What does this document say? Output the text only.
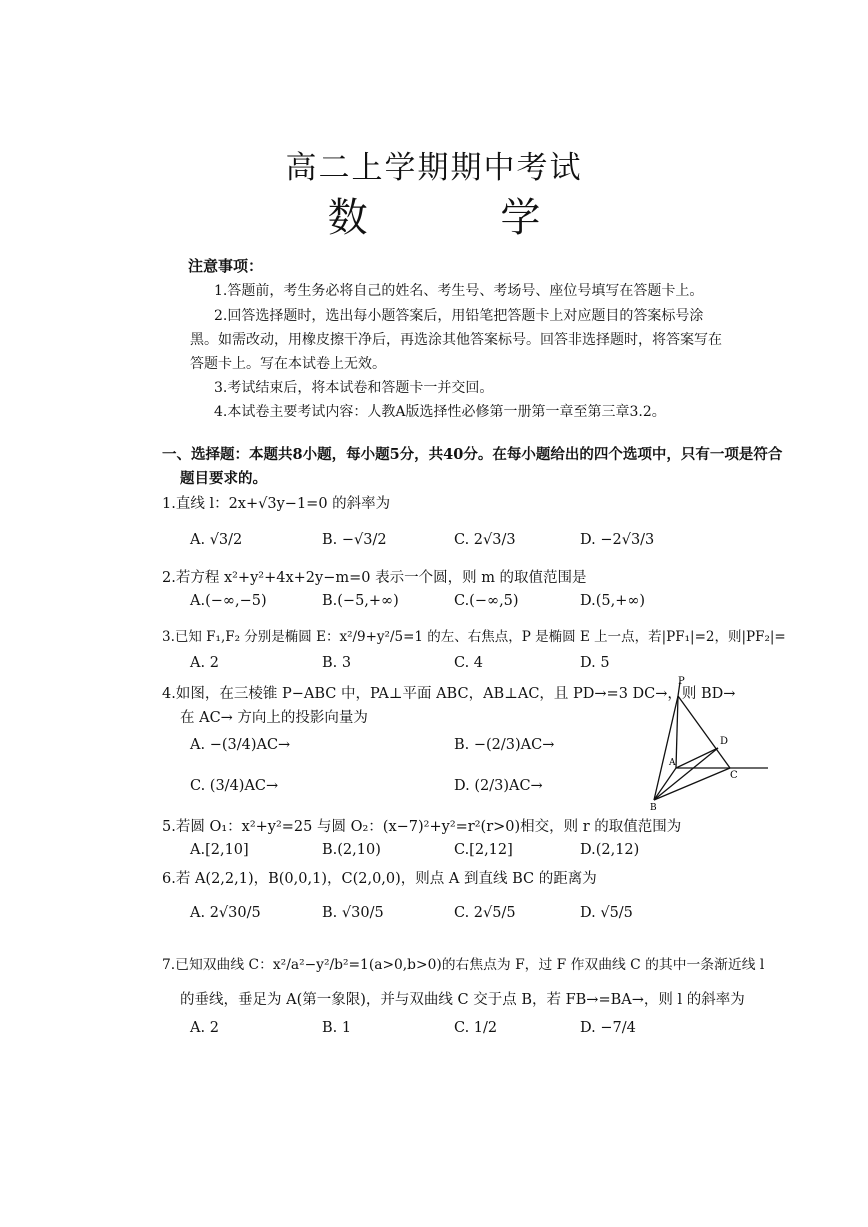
高二上学期期中考试
数 学
注意事项：
1.答题前，考生务必将自己的姓名、考生号、考场号、座位号填写在答题卡上。
2.回答选择题时，选出每小题答案后，用铅笔把答题卡上对应题目的答案标号涂
黑。如需改动，用橡皮擦干净后，再选涂其他答案标号。回答非选择题时，将答案写在
答题卡上。写在本试卷上无效。
3.考试结束后，将本试卷和答题卡一并交回。
4.本试卷主要考试内容：人教A版选择性必修第一册第一章至第三章3.2。
一、选择题：本题共8小题，每小题5分，共40分。在每小题给出的四个选项中，只有一项是符合
题目要求的。
1.直线 l：2x+√3y−1=0 的斜率为
A. √3/2	B. −√3/2	C. 2√3/3	D. −2√3/3
2.若方程 x²+y²+4x+2y−m=0 表示一个圆，则 m 的取值范围是
A.(−∞,−5)	B.(−5,+∞)	C.(−∞,5)	D.(5,+∞)
3.已知 F₁,F₂ 分别是椭圆 E：x²/9+y²/5=1 的左、右焦点，P 是椭圆 E 上一点，若|PF₁|=2，则|PF₂|=
A. 2	B. 3	C. 4	D. 5
4.如图，在三棱锥 P−ABC 中，PA⊥平面 ABC，AB⊥AC，且 PD→=3 DC→，则 BD→
在 AC→ 方向上的投影向量为
A. −(3/4)AC→	B. −(2/3)AC→
C. (3/4)AC→	D. (2/3)AC→
P
D
A
C
B
5.若圆 O₁：x²+y²=25 与圆 O₂：(x−7)²+y²=r²(r>0)相交，则 r 的取值范围为
A.[2,10]	B.(2,10)	C.[2,12]	D.(2,12)
6.若 A(2,2,1)，B(0,0,1)，C(2,0,0)，则点 A 到直线 BC 的距离为
A. 2√30/5	B. √30/5	C. 2√5/5	D. √5/5
7.已知双曲线 C：x²/a²−y²/b²=1(a>0,b>0)的右焦点为 F，过 F 作双曲线 C 的其中一条渐近线 l
的垂线，垂足为 A(第一象限)，并与双曲线 C 交于点 B，若 FB→=BA→，则 l 的斜率为
A. 2	B. 1	C. 1/2	D. −7/4
